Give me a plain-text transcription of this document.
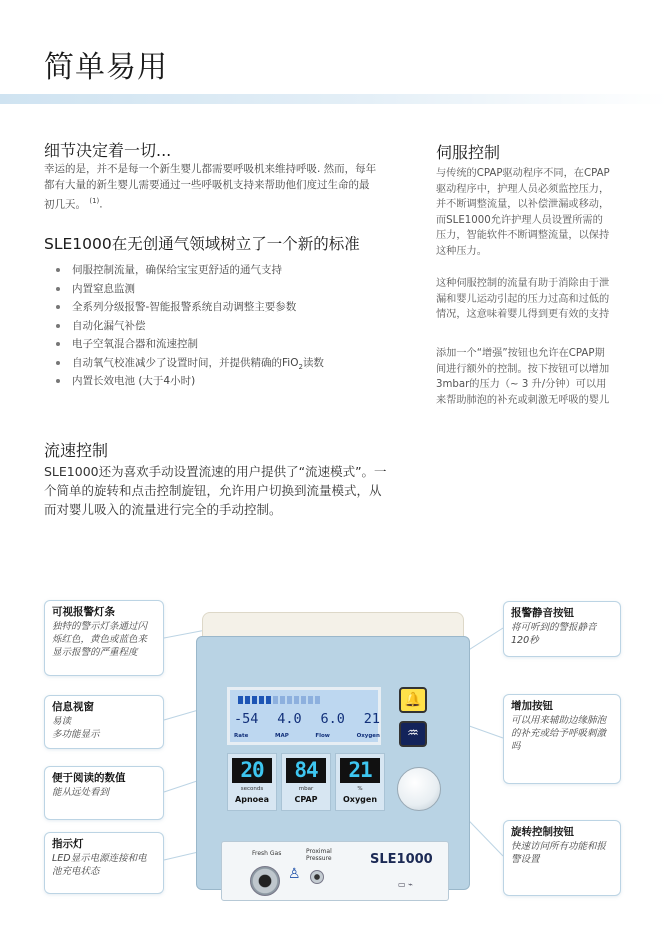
简单易用
细节决定着一切...

幸运的是，并不是每一个新生婴儿都需要呼吸机来维持呼吸. 然而，每年都有大量的新生婴儿需要通过一些呼吸机支持来帮助他们度过生命的最初几天。 $^{(1)}$.

SLE1000在无创通气领域树立了一个新的标准
伺服控制流量，确保给宝宝更舒适的通气支持
内置窒息监测
全系列分级报警-智能报警系统自动调整主要参数
自动化漏气补偿
电子空氧混合器和流速控制
自动氧气校准减少了设置时间，并提供精确的FiO$_2$读数
内置长效电池 (大于4小时)
流速控制

SLE1000还为喜欢手动设置流速的用户提供了“流速模式”。一个简单的旋转和点击控制旋钮，允许用户切换到流量模式，从而对婴儿吸入的流量进行完全的手动控制。

伺服控制

与传统的CPAP驱动程序不同，在CPAP驱动程序中，护理人员必须监控压力，并不断调整流量，以补偿泄漏或移动，而SLE1000允许护理人员设置所需的压力，智能软件不断调整流量，以保持这种压力。

这种伺服控制的流量有助于消除由于泄漏和婴儿运动引起的压力过高和过低的情况，这意味着婴儿得到更有效的支持

添加一个“增强”按钮也允许在CPAP期间进行额外的控制。按下按钮可以增加3mbar的压力（~ 3 升/分钟）可以用来帮助肺泡的补充或刺激无呼吸的婴儿

-54 4.0 6.0 21
Rate	MAP	Flow	Oxygen
20
seconds
Apnoea
84
mbar
CPAP
21
%
Oxygen
🔔
♒
Fresh Gas	Proximal Pressure	SLE1000
♙
▭ ⌁
可视报警灯条
独特的警示灯条通过闪烁红色，黄色或蓝色来显示报警的严重程度
信息视窗
易读
多功能显示
便于阅读的数值
能从远处看到
指示灯
LED显示电源连接和电池充电状态
报警静音按钮
将可听到的警报静音120秒
增加按钮
可以用来辅助边缘肺泡的补充或给予呼吸刺激吗
旋转控制按钮
快速访问所有功能和报警设置
